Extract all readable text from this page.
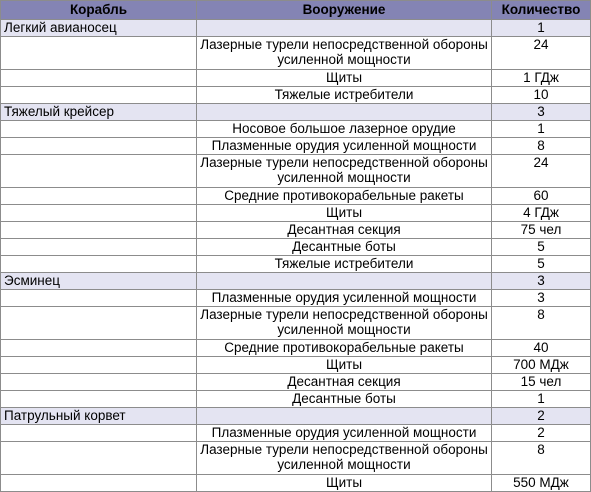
Корабль	Вооружение	Количество
Легкий авианосец		1
	Лазерные турели непосредственной обороны усиленной мощности	24
	Щиты	1 ГДж
	Тяжелые истребители	10
Тяжелый крейсер		3
	Носовое большое лазерное орудие	1
	Плазменные орудия усиленной мощности	8
	Лазерные турели непосредственной обороны усиленной мощности	24
	Средние противокорабельные ракеты	60
	Щиты	4 ГДж
	Десантная секция	75 чел
	Десантные боты	5
	Тяжелые истребители	5
Эсминец		3
	Плазменные орудия усиленной мощности	3
	Лазерные турели непосредственной обороны усиленной мощности	8
	Средние противокорабельные ракеты	40
	Щиты	700 МДж
	Десантная секция	15 чел
	Десантные боты	1
Патрульный корвет		2
	Плазменные орудия усиленной мощности	2
	Лазерные турели непосредственной обороны усиленной мощности	8
	Щиты	550 МДж
